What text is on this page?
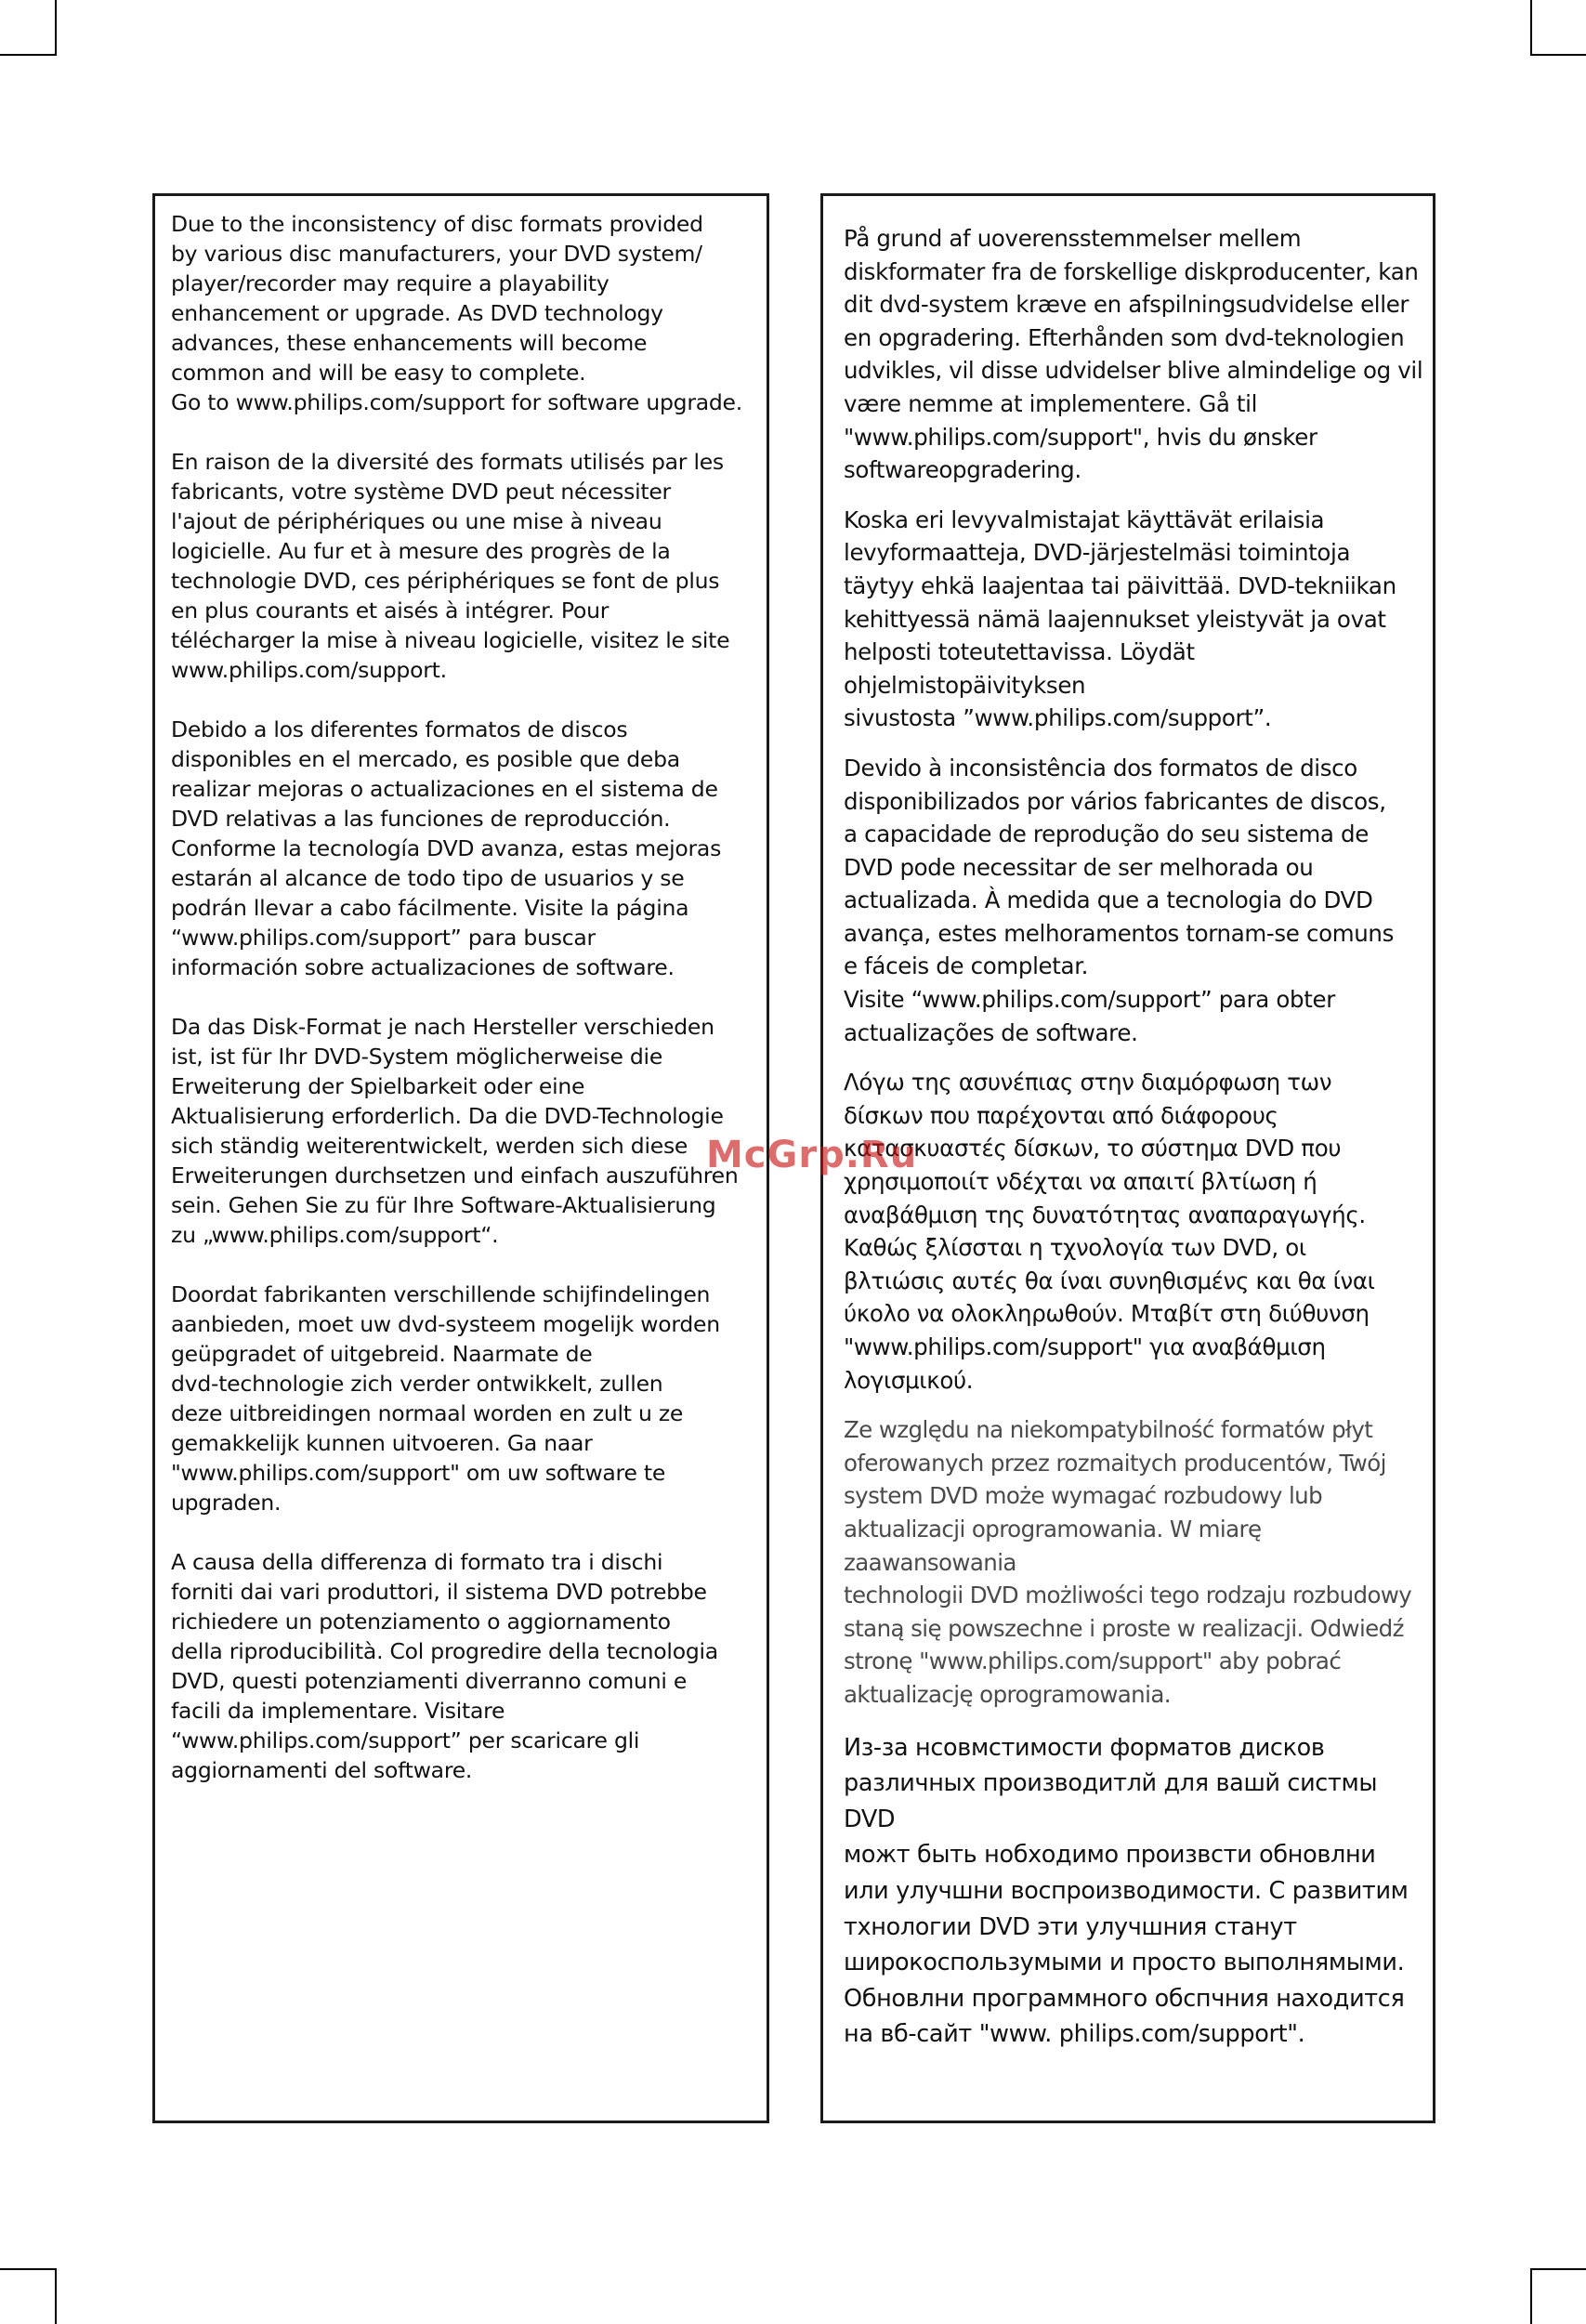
Due to the inconsistency of disc formats provided
by various disc manufacturers, your DVD system/
player/recorder may require a playability
enhancement or upgrade. As DVD technology
advances, these enhancements will become
common and will be easy to complete.
Go to www.philips.com/support for software upgrade.

En raison de la diversité des formats utilisés par les
fabricants, votre système DVD peut nécessiter
l'ajout de périphériques ou une mise à niveau
logicielle. Au fur et à mesure des progrès de la
technologie DVD, ces périphériques se font de plus
en plus courants et aisés à intégrer. Pour
télécharger la mise à niveau logicielle, visitez le site
www.philips.com/support.

Debido a los diferentes formatos de discos
disponibles en el mercado, es posible que deba
realizar mejoras o actualizaciones en el sistema de
DVD relativas a las funciones de reproducción.
Conforme la tecnología DVD avanza, estas mejoras
estarán al alcance de todo tipo de usuarios y se
podrán llevar a cabo fácilmente. Visite la página
“www.philips.com/support” para buscar
información sobre actualizaciones de software.

Da das Disk-Format je nach Hersteller verschieden
ist, ist für Ihr DVD-System möglicherweise die
Erweiterung der Spielbarkeit oder eine
Aktualisierung erforderlich. Da die DVD-Technologie
sich ständig weiterentwickelt, werden sich diese
Erweiterungen durchsetzen und einfach auszuführen
sein. Gehen Sie zu für Ihre Software-Aktualisierung
zu „www.philips.com/support“.

Doordat fabrikanten verschillende schijfindelingen
aanbieden, moet uw dvd-systeem mogelijk worden
geüpgradet of uitgebreid. Naarmate de
dvd-technologie zich verder ontwikkelt, zullen
deze uitbreidingen normaal worden en zult u ze
gemakkelijk kunnen uitvoeren. Ga naar
"www.philips.com/support" om uw software te
upgraden.

A causa della differenza di formato tra i dischi
forniti dai vari produttori, il sistema DVD potrebbe
richiedere un potenziamento o aggiornamento
della riproducibilità. Col progredire della tecnologia
DVD, questi potenziamenti diverranno comuni e
facili da implementare. Visitare
“www.philips.com/support” per scaricare gli
aggiornamenti del software.

På grund af uoverensstemmelser mellem
diskformater fra de forskellige diskproducenter, kan
dit dvd-system kræve en afspilningsudvidelse eller
en opgradering. Efterhånden som dvd-teknologien
udvikles, vil disse udvidelser blive almindelige og vil
være nemme at implementere. Gå til
"www.philips.com/support", hvis du ønsker
softwareopgradering.

Koska eri levyvalmistajat käyttävät erilaisia
levyformaatteja, DVD-järjestelmäsi toimintoja
täytyy ehkä laajentaa tai päivittää. DVD-tekniikan
kehittyessä nämä laajennukset yleistyvät ja ovat
helposti toteutettavissa. Löydät ohjelmistopäivityksen
sivustosta ”www.philips.com/support”.

Devido à inconsistência dos formatos de disco
disponibilizados por vários fabricantes de discos,
a capacidade de reprodução do seu sistema de
DVD pode necessitar de ser melhorada ou
actualizada. À medida que a tecnologia do DVD
avança, estes melhoramentos tornam-se comuns
e fáceis de completar.
Visite “www.philips.com/support” para obter
actualizações de software.

Λόγω της ασυνέπιας στην διαμόρφωση των
δίσκων που παρέχονται από διάφορους
κατασκυαστές δίσκων, το σύστημα DVD που
χρησιμοποιίτ νδέχται να απαιτί βλτίωση ή
αναβάθμιση της δυνατότητας αναπαραγωγής.
Καθώς ξλίσσται η τχνολογία των DVD, οι
βλτιώσις αυτές θα ίναι συνηθισμένς και θα ίναι
ύκολο να ολοκληρωθούν. Μταβίτ στη διύθυνση
"www.philips.com/support" για αναβάθμιση
λογισμικού.

Ze względu na niekompatybilność formatów płyt
oferowanych przez rozmaitych producentów, Twój
system DVD może wymagać rozbudowy lub
aktualizacji oprogramowania. W miarę zaawansowania
technologii DVD możliwości tego rodzaju rozbudowy
staną się powszechne i proste w realizacji. Odwiedź
stronę "www.philips.com/support" aby pobrać
aktualizację oprogramowania.

Из-за нсовмстимости форматов дисков
различных производитлй для вашй систмы DVD
можт быть нобходимо произвсти обновлни
или улучшни воспроизводимости. С развитим
тхнологии DVD эти улучшния станут
широкоспользумыми и просто выполнямыми.
Обновлни программного обспчния находится
на вб-сайт "www. philips.com/support".

McGrp.Ru
